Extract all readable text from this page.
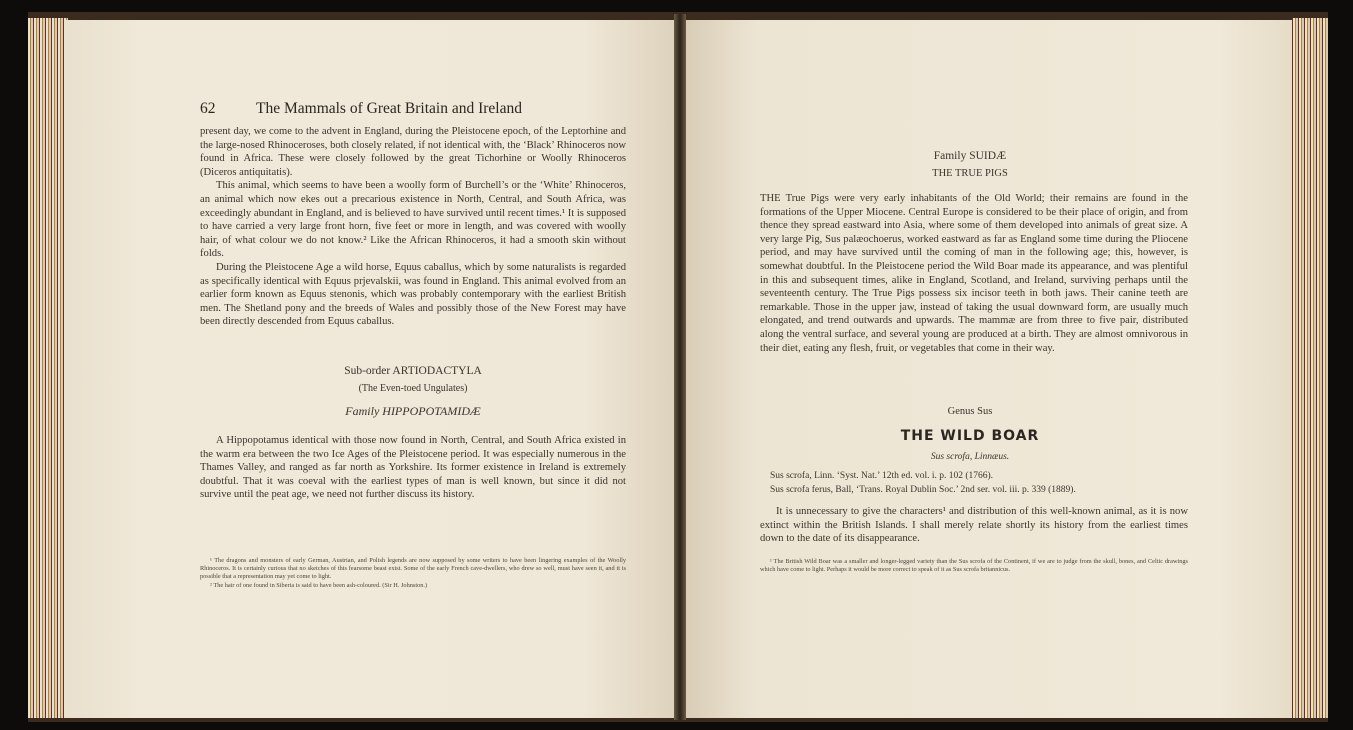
62	The Mammals of Great Britain and Ireland

present day, we come to the advent in England, during the Pleistocene epoch, of the Leptorhine and the large-nosed Rhinoceroses, both closely related, if not identical with, the ‘Black’ Rhinoceros now found in Africa. These were closely followed by the great Tichorhine or Woolly Rhinoceros (Diceros antiquitatis).

This animal, which seems to have been a woolly form of Burchell’s or the ‘White’ Rhinoceros, an animal which now ekes out a precarious existence in North, Central, and South Africa, was exceedingly abundant in England, and is believed to have survived until recent times.¹ It is supposed to have carried a very large front horn, five feet or more in length, and was covered with woolly hair, of what colour we do not know.² Like the African Rhinoceros, it had a smooth skin without folds.

During the Pleistocene Age a wild horse, Equus caballus, which by some naturalists is regarded as specifically identical with Equus prjevalskii, was found in England. This animal evolved from an earlier form known as Equus stenonis, which was probably contemporary with the earliest British men. The Shetland pony and the breeds of Wales and possibly those of the New Forest may have been directly descended from Equus caballus.

Sub-order ARTIODACTYLA
(The Even-toed Ungulates)
Family HIPPOPOTAMIDÆ

A Hippopotamus identical with those now found in North, Central, and South Africa existed in the warm era between the two Ice Ages of the Pleistocene period. It was especially numerous in the Thames Valley, and ranged as far north as Yorkshire. Its former existence in Ireland is extremely doubtful. That it was coeval with the earliest types of man is well known, but since it did not survive until the peat age, we need not further discuss its history.

¹ The dragons and monsters of early German, Austrian, and Polish legends are now supposed by some writers to have been lingering examples of the Woolly Rhinoceros. It is certainly curious that no sketches of this fearsome beast exist. Some of the early French cave-dwellers, who drew so well, must have seen it, and it is possible that a representation may yet come to light.

² The hair of one found in Siberia is said to have been ash-coloured. (Sir H. Johnston.)

Family SUIDÆ
THE TRUE PIGS

THE True Pigs were very early inhabitants of the Old World; their remains are found in the formations of the Upper Miocene. Central Europe is considered to be their place of origin, and from thence they spread eastward into Asia, where some of them developed into animals of great size. A very large Pig, Sus palæochoerus, worked eastward as far as England some time during the Pliocene period, and may have survived until the coming of man in the following age; this, however, is somewhat doubtful. In the Pleistocene period the Wild Boar made its appearance, and was plentiful in this and subsequent times, alike in England, Scotland, and Ireland, surviving perhaps until the seventeenth century. The True Pigs possess six incisor teeth in both jaws. Their canine teeth are remarkable. Those in the upper jaw, instead of taking the usual downward form, are usually much elongated, and trend outwards and upwards. The mammæ are from three to five pair, distributed along the ventral surface, and several young are produced at a birth. They are almost omnivorous in their diet, eating any flesh, fruit, or vegetables that come in their way.

Genus Sus
THE WILD BOAR
Sus scrofa, Linnæus.
Sus scrofa, Linn. ‘Syst. Nat.’ 12th ed. vol. i. p. 102 (1766).
Sus scrofa ferus, Ball, ‘Trans. Royal Dublin Soc.’ 2nd ser. vol. iii. p. 339 (1889).

It is unnecessary to give the characters¹ and distribution of this well-known animal, as it is now extinct within the British Islands. I shall merely relate shortly its history from the earliest times down to the date of its disappearance.

¹ The British Wild Boar was a smaller and longer-legged variety than the Sus scrofa of the Continent, if we are to judge from the skull, bones, and Celtic drawings which have come to light. Perhaps it would be more correct to speak of it as Sus scrofa britannicus.
